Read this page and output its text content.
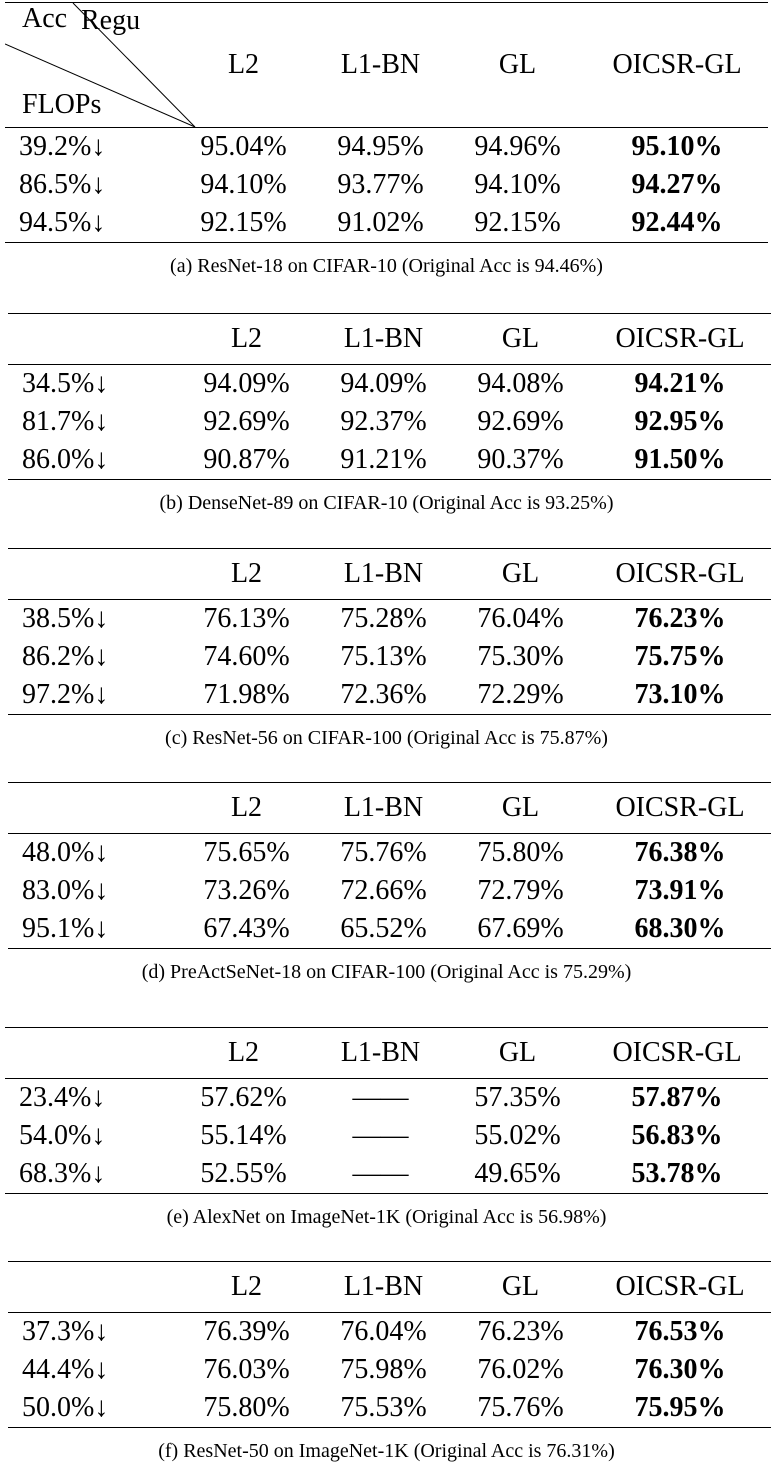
Acc Regu
FLOPs	L2	L1-BN	GL	OICSR-GL
39.2%↓	95.04%	94.95%	94.96%	95.10%
86.5%↓	94.10%	93.77%	94.10%	94.27%
94.5%↓	92.15%	91.02%	92.15%	92.44%
(a) ResNet-18 on CIFAR-10 (Original Acc is 94.46%)
	L2	L1-BN	GL	OICSR-GL
34.5%↓	94.09%	94.09%	94.08%	94.21%
81.7%↓	92.69%	92.37%	92.69%	92.95%
86.0%↓	90.87%	91.21%	90.37%	91.50%
(b) DenseNet-89 on CIFAR-10 (Original Acc is 93.25%)
	L2	L1-BN	GL	OICSR-GL
38.5%↓	76.13%	75.28%	76.04%	76.23%
86.2%↓	74.60%	75.13%	75.30%	75.75%
97.2%↓	71.98%	72.36%	72.29%	73.10%
(c) ResNet-56 on CIFAR-100 (Original Acc is 75.87%)
	L2	L1-BN	GL	OICSR-GL
48.0%↓	75.65%	75.76%	75.80%	76.38%
83.0%↓	73.26%	72.66%	72.79%	73.91%
95.1%↓	67.43%	65.52%	67.69%	68.30%
(d) PreActSeNet-18 on CIFAR-100 (Original Acc is 75.29%)
	L2	L1-BN	GL	OICSR-GL
23.4%↓	57.62%	——	57.35%	57.87%
54.0%↓	55.14%	——	55.02%	56.83%
68.3%↓	52.55%	——	49.65%	53.78%
(e) AlexNet on ImageNet-1K (Original Acc is 56.98%)
	L2	L1-BN	GL	OICSR-GL
37.3%↓	76.39%	76.04%	76.23%	76.53%
44.4%↓	76.03%	75.98%	76.02%	76.30%
50.0%↓	75.80%	75.53%	75.76%	75.95%
(f) ResNet-50 on ImageNet-1K (Original Acc is 76.31%)
